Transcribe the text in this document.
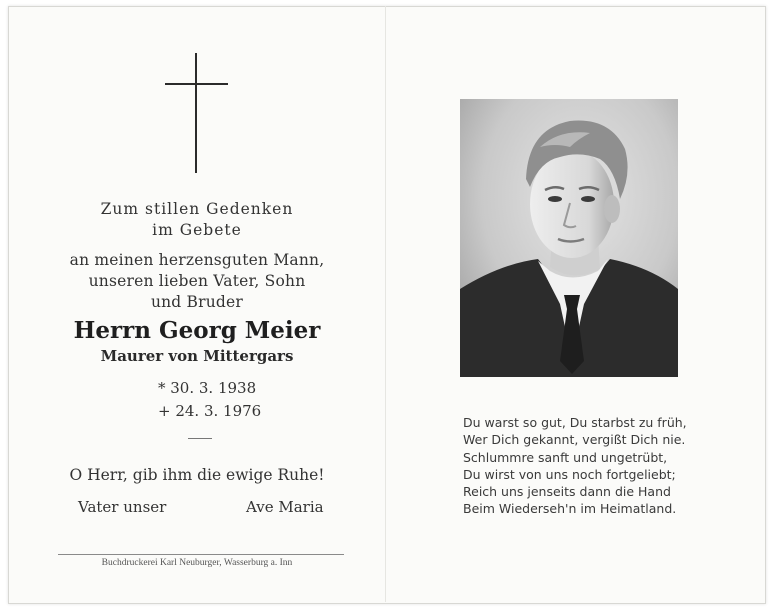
Zum stillen Gedenken
im Gebete
an meinen herzensguten Mann,
unseren lieben Vater, Sohn
und Bruder
Herrn Georg Meier
Maurer von Mittergars
* 30. 3. 1938
+ 24. 3. 1976
O Herr, gib ihm die ewige Ruhe!
Vater unser	Ave Maria
Buchdruckerei Karl Neuburger, Wasserburg a. Inn
Du warst so gut, Du starbst zu früh,
Wer Dich gekannt, vergißt Dich nie.
Schlummre sanft und ungetrübt,
Du wirst von uns noch fortgeliebt;
Reich uns jenseits dann die Hand
Beim Wiederseh'n im Heimatland.
